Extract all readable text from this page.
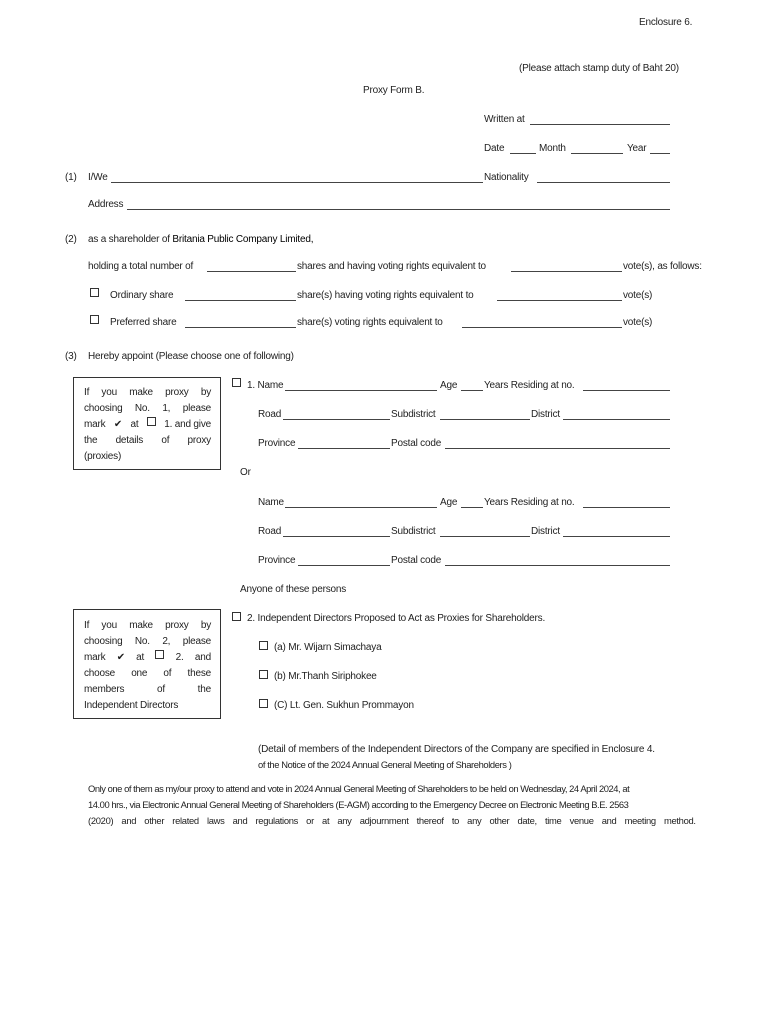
Enclosure 6.
(Please attach stamp duty of Baht 20)
Proxy Form B.
Written at
Date	Month	Year
(1) I/We	Nationality
Address
(2) as a shareholder of Britania Public Company Limited,
holding a total number of	shares and having voting rights equivalent to	vote(s), as follows:
Ordinary share	share(s) having voting rights equivalent to	vote(s)
Preferred share	share(s) voting rights equivalent to	vote(s)
(3) Hereby appoint (Please choose one of following)
If you make proxy by
choosing No. 1, please
mark ✔ at	1. and give
the details of proxy
(proxies)
1. Name	Age	Years Residing at no.
Road	Subdistrict	District
Province	Postal code
Or
Name	Age	Years Residing at no.
Road	Subdistrict	District
Province	Postal code
Anyone of these persons
If you make proxy by
choosing No. 2, please
mark ✔ at	2. and
choose one of these
members	of	the
Independent Directors
2. Independent Directors Proposed to Act as Proxies for Shareholders.
(a) Mr. Wijarn Simachaya
(b) Mr.Thanh Siriphokee
(C) Lt. Gen. Sukhun Prommayon
(Detail of members of the Independent Directors of the Company are specified in Enclosure 4.
of the Notice of the 2024 Annual General Meeting of Shareholders )
Only one of them as my/our proxy to attend and vote in 2024 Annual General Meeting of Shareholders to be held on Wednesday, 24 April 2024, at
14.00 hrs., via Electronic Annual General Meeting of Shareholders (E-AGM) according to the Emergency Decree on Electronic Meeting B.E. 2563
(2020) and other related laws and regulations or at any adjournment thereof to any other date, time venue and meeting method.
